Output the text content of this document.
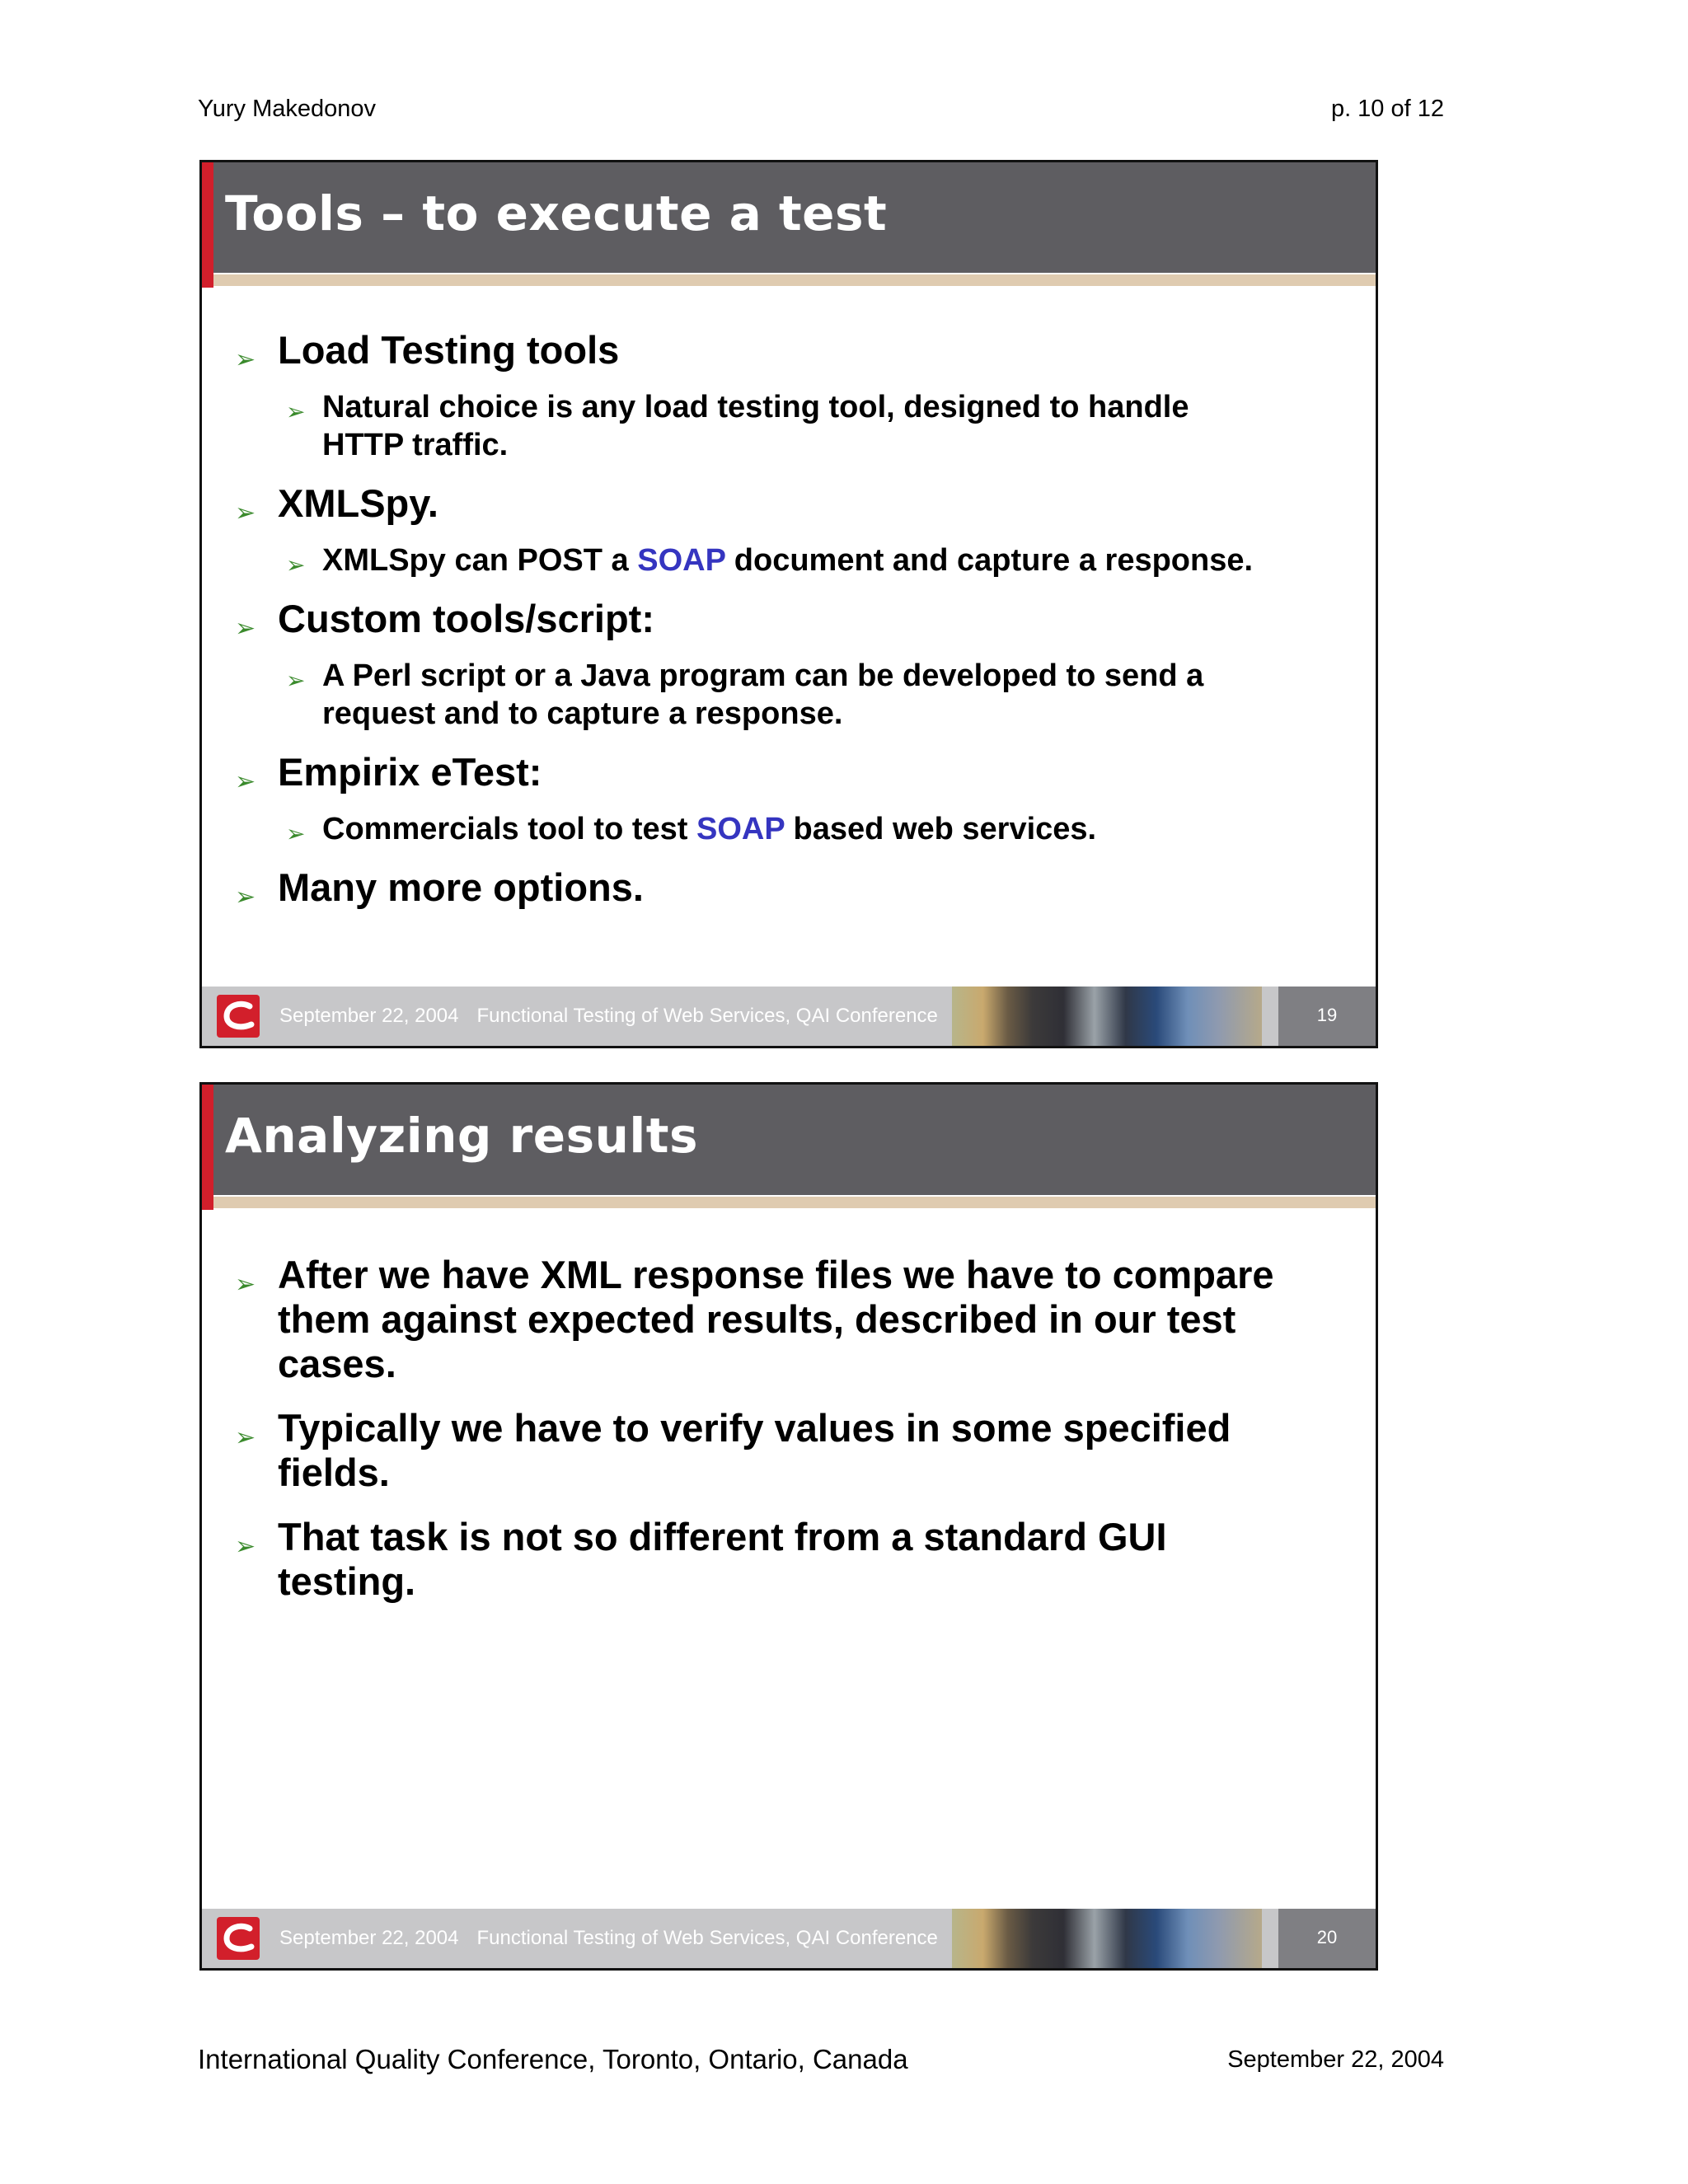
Yury Makedonov	p. 10 of 12
Tools – to execute a test
➢ Load Testing tools
➢ Natural choice is any load testing tool, designed to handle HTTP traffic.
➢ XMLSpy.
➢ XMLSpy can POST a SOAP document and capture a response.
➢ Custom tools/script:
➢ A Perl script or a Java program can be developed to send a request and to capture a response.
➢ Empirix eTest:
➢ Commercials tool to test SOAP based web services.
➢ Many more options.
September 22, 2004 Functional Testing of Web Services, QAI Conference	19
Analyzing results
➢ After we have XML response files we have to compare them against expected results, described in our test cases.
➢ Typically we have to verify values in some specified fields.
➢ That task is not so different from a standard GUI testing.
September 22, 2004 Functional Testing of Web Services, QAI Conference	20
International Quality Conference, Toronto, Ontario, Canada	September 22, 2004
